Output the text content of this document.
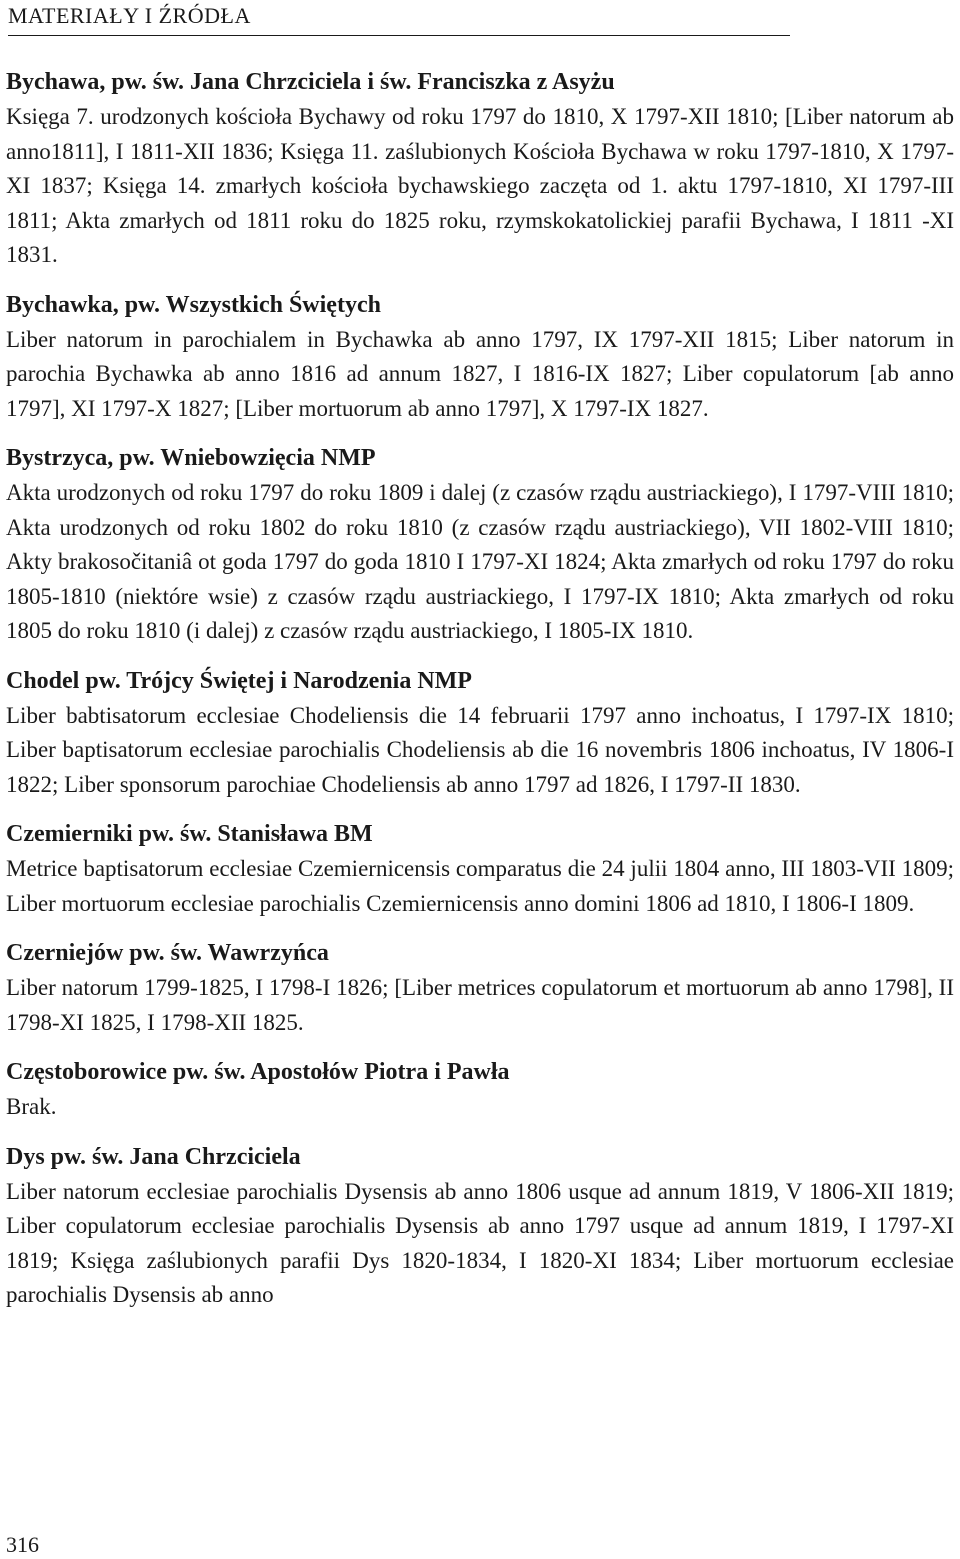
MATERIAŁY I ŹRÓDŁA

Bychawa, pw. św. Jana Chrzciciela i św. Franciszka z Asyżu

Księga 7. urodzonych kościoła Bychawy od roku 1797 do 1810, X 1797-XII 1810; [Liber natorum ab anno1811], I 1811-XII 1836; Księga 11. zaślubionych Kościoła Bychawa w roku 1797-1810, X 1797-XI 1837; Księga 14. zmarłych kościoła bychawskiego zaczęta od 1. aktu 1797-1810, XI 1797-III 1811; Akta zmarłych od 1811 roku do 1825 roku, rzymskokatolickiej parafii Bychawa, I 1811 -XI 1831.

Bychawka, pw. Wszystkich Świętych

Liber natorum in parochialem in Bychawka ab anno 1797, IX 1797-XII 1815; Liber natorum in parochia Bychawka ab anno 1816 ad annum 1827, I 1816-IX 1827; Liber copulatorum [ab anno 1797], XI 1797-X 1827; [Liber mortuorum ab anno 1797], X 1797-IX 1827.

Bystrzyca, pw. Wniebowzięcia NMP

Akta urodzonych od roku 1797 do roku 1809 i dalej (z czasów rządu austriackiego), I 1797-VIII 1810; Akta urodzonych od roku 1802 do roku 1810 (z czasów rządu austriackiego), VII 1802-VIII 1810; Akty brakosočitaniâ ot goda 1797 do goda 1810 I 1797-XI 1824; Akta zmarłych od roku 1797 do roku 1805-1810 (niektóre wsie) z czasów rządu austriackiego, I 1797-IX 1810; Akta zmarłych od roku 1805 do roku 1810 (i dalej) z czasów rządu austriackiego, I 1805-IX 1810.

Chodel pw. Trójcy Świętej i Narodzenia NMP

Liber babtisatorum ecclesiae Chodeliensis die 14 februarii 1797 anno inchoatus, I 1797-IX 1810; Liber baptisatorum ecclesiae parochialis Chodeliensis ab die 16 novembris 1806 inchoatus, IV 1806-I 1822; Liber sponsorum parochiae Chodeliensis ab anno 1797 ad 1826, I 1797-II 1830.

Czemierniki pw. św. Stanisława BM

Metrice baptisatorum ecclesiae Czemiernicensis comparatus die 24 julii 1804 anno, III 1803-VII 1809; Liber mortuorum ecclesiae parochialis Czemiernicensis anno domini 1806 ad 1810, I 1806-I 1809.

Czerniejów pw. św. Wawrzyńca

Liber natorum 1799-1825, I 1798-I 1826; [Liber metrices copulatorum et mortuorum ab anno 1798], II 1798-XI 1825, I 1798-XII 1825.

Częstoborowice pw. św. Apostołów Piotra i Pawła

Brak.

Dys pw. św. Jana Chrzciciela

Liber natorum ecclesiae parochialis Dysensis ab anno 1806 usque ad annum 1819, V 1806-XII 1819; Liber copulatorum ecclesiae parochialis Dysensis ab anno 1797 usque ad annum 1819, I 1797-XI 1819; Księga zaślubionych parafii Dys 1820-1834, I 1820-XI 1834; Liber mortuorum ecclesiae parochialis Dysensis ab anno

316
